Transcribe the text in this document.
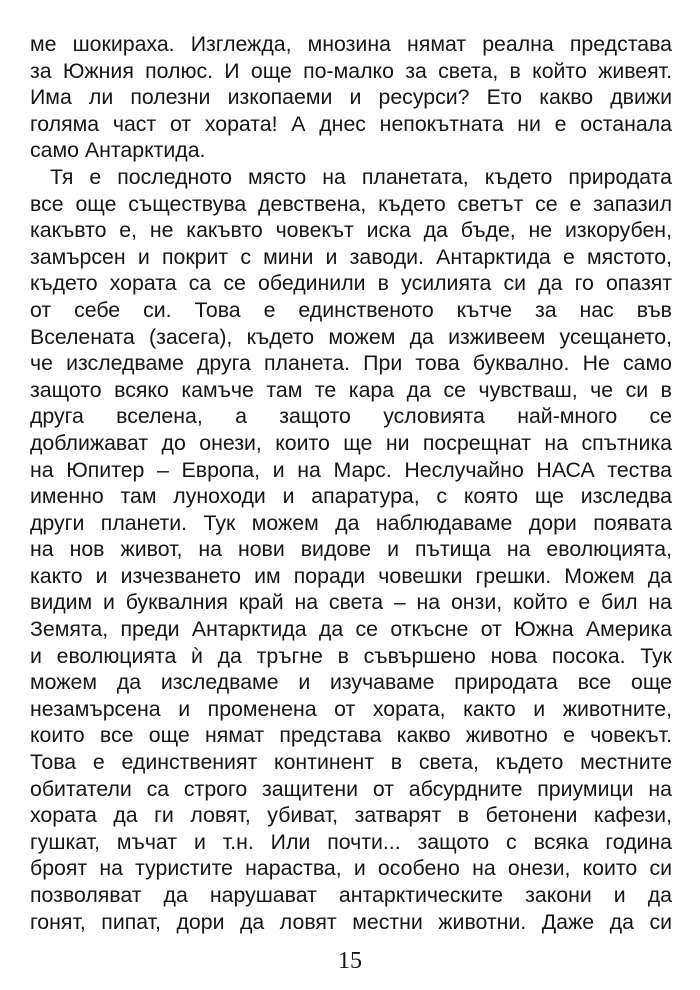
ме шокираха. Изглежда, мнозина нямат реална представа
за Южния полюс. И още по-малко за света, в който живеят.
Има ли полезни изкопаеми и ресурси? Ето какво движи
голяма част от хората! А днес непокътната ни е останала
само Антарктида.
Тя е последното място на планетата, където природата
все още съществува девствена, където светът се е запазил
какъвто е, не какъвто човекът иска да бъде, не изкорубен,
замърсен и покрит с мини и заводи. Антарктида е мястото,
където хората са се обединили в усилията си да го опазят
от себе си. Това е единственото кътче за нас във
Вселената (засега), където можем да изживеем усещането,
че изследваме друга планета. При това буквално. Не само
защото всяко камъче там те кара да се чувстваш, че си в
друга вселена, а защото условията най-много се
доближават до онези, които ще ни посрещнат на спътника
на Юпитер – Европа, и на Марс. Неслучайно НАСА тества
именно там луноходи и апаратура, с която ще изследва
други планети. Тук можем да наблюдаваме дори появата
на нов живот, на нови видове и пътища на еволюцията,
както и изчезването им поради човешки грешки. Можем да
видим и буквалния край на света – на онзи, който е бил на
Земята, преди Антарктида да се откъсне от Южна Америка
и еволюцията ѝ да тръгне в съвършено нова посока. Тук
можем да изследваме и изучаваме природата все още
незамърсена и променена от хората, както и животните,
които все още нямат представа какво животно е човекът.
Това е единственият континент в света, където местните
обитатели са строго защитени от абсурдните приумици на
хората да ги ловят, убиват, затварят в бетонени кафези,
гушкат, мъчат и т.н. Или почти... защото с всяка година
броят на туристите нараства, и особено на онези, които си
позволяват да нарушават антарктическите закони и да
гонят, пипат, дори да ловят местни животни. Даже да си
15
